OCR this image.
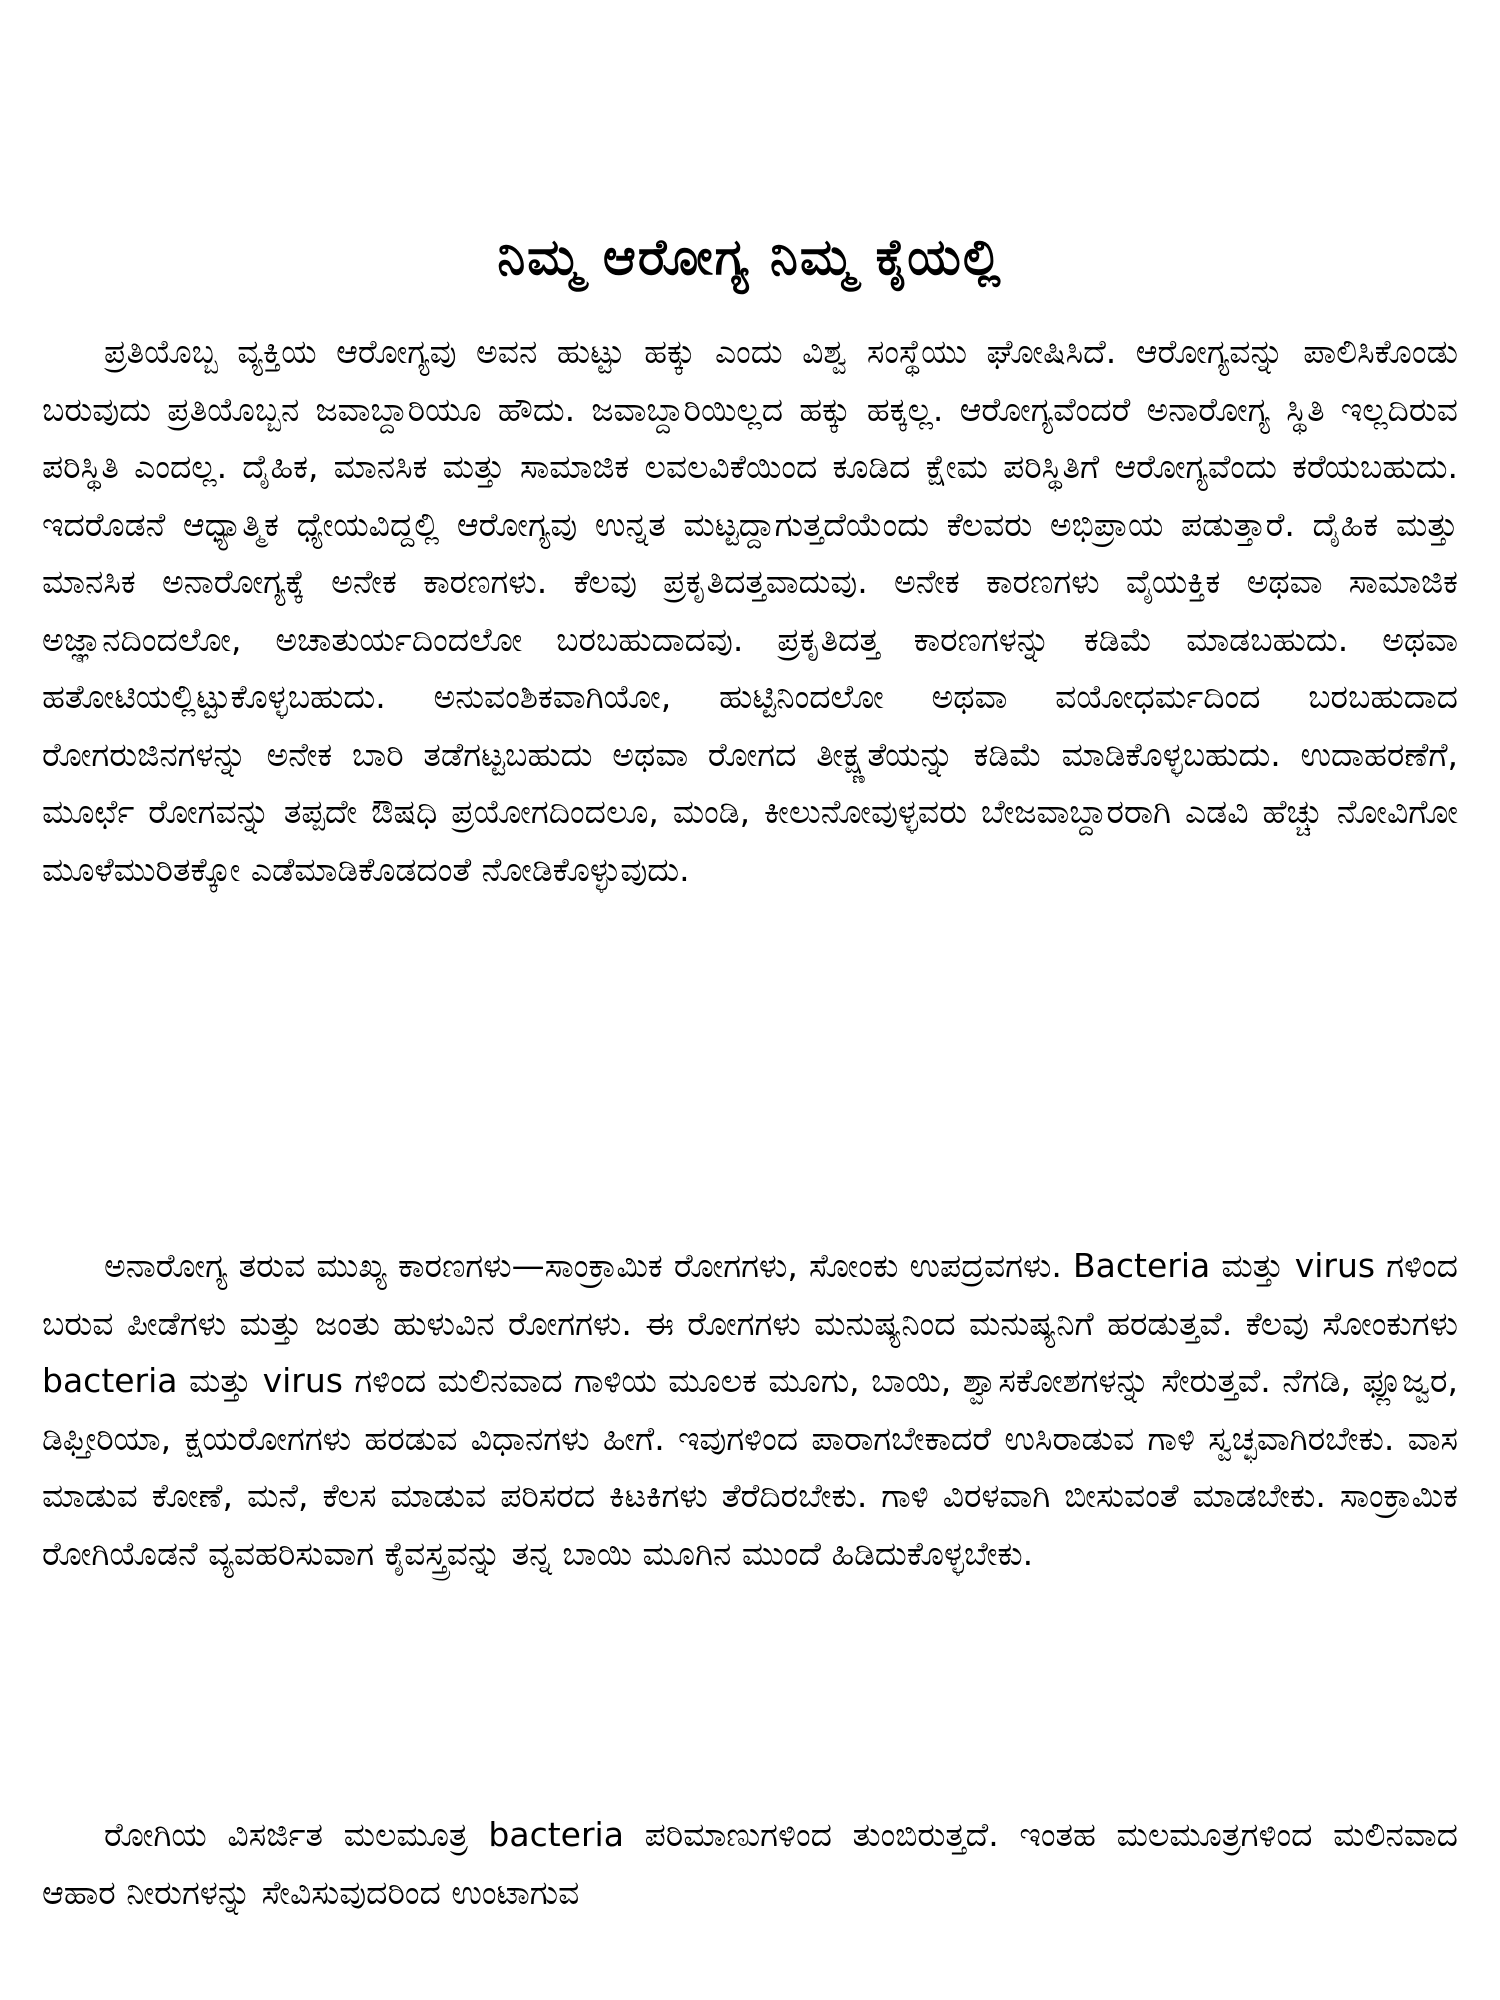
ನಿಮ್ಮ ಆರೋಗ್ಯ ನಿಮ್ಮ ಕೈಯಲ್ಲಿ

ಪ್ರತಿಯೊಬ್ಬ ವ್ಯಕ್ತಿಯ ಆರೋಗ್ಯವು ಅವನ ಹುಟ್ಟು ಹಕ್ಕು ಎಂದು ವಿಶ್ವ ಸಂಸ್ಥೆಯು ಘೋಷಿಸಿದೆ. ಆರೋಗ್ಯವನ್ನು ಪಾಲಿಸಿಕೊಂಡು ಬರುವುದು ಪ್ರತಿಯೊಬ್ಬನ ಜವಾಬ್ದಾರಿಯೂ ಹೌದು. ಜವಾಬ್ದಾರಿಯಿಲ್ಲದ ಹಕ್ಕು ಹಕ್ಕಲ್ಲ. ಆರೋಗ್ಯವೆಂದರೆ ಅನಾರೋಗ್ಯ ಸ್ಥಿತಿ ಇಲ್ಲದಿರುವ ಪರಿಸ್ಥಿತಿ ಎಂದಲ್ಲ. ದೈಹಿಕ, ಮಾನಸಿಕ ಮತ್ತು ಸಾಮಾಜಿಕ ಲವಲವಿಕೆಯಿಂದ ಕೂಡಿದ ಕ್ಷೇಮ ಪರಿಸ್ಥಿತಿಗೆ ಆರೋಗ್ಯವೆಂದು ಕರೆಯಬಹುದು. ಇದರೊಡನೆ ಆಧ್ಯಾತ್ಮಿಕ ಧ್ಯೇಯವಿದ್ದಲ್ಲಿ ಆರೋಗ್ಯವು ಉನ್ನತ ಮಟ್ಟದ್ದಾಗುತ್ತದೆಯೆಂದು ಕೆಲವರು ಅಭಿಪ್ರಾಯ ಪಡುತ್ತಾರೆ. ದೈಹಿಕ ಮತ್ತು ಮಾನಸಿಕ ಅನಾರೋಗ್ಯಕ್ಕೆ ಅನೇಕ ಕಾರಣಗಳು. ಕೆಲವು ಪ್ರಕೃತಿದತ್ತವಾದುವು. ಅನೇಕ ಕಾರಣಗಳು ವೈಯಕ್ತಿಕ ಅಥವಾ ಸಾಮಾಜಿಕ ಅಜ್ಞಾನದಿಂದಲೋ, ಅಚಾತುರ್ಯದಿಂದಲೋ ಬರಬಹುದಾದವು. ಪ್ರಕೃತಿದತ್ತ ಕಾರಣಗಳನ್ನು ಕಡಿಮೆ ಮಾಡಬಹುದು. ಅಥವಾ ಹತೋಟಿಯಲ್ಲಿಟ್ಟುಕೊಳ್ಳಬಹುದು. ಅನುವಂಶಿಕವಾಗಿಯೋ, ಹುಟ್ಟಿನಿಂದಲೋ ಅಥವಾ ವಯೋಧರ್ಮದಿಂದ ಬರಬಹುದಾದ ರೋಗರುಜಿನಗಳನ್ನು ಅನೇಕ ಬಾರಿ ತಡೆಗಟ್ಟಬಹುದು ಅಥವಾ ರೋಗದ ತೀಕ್ಷ್ಣತೆಯನ್ನು ಕಡಿಮೆ ಮಾಡಿಕೊಳ್ಳಬಹುದು. ಉದಾಹರಣೆಗೆ, ಮೂರ್ಛೆ ರೋಗವನ್ನು ತಪ್ಪದೇ ಔಷಧಿ ಪ್ರಯೋಗದಿಂದಲೂ, ಮಂಡಿ, ಕೀಲುನೋವುಳ್ಳವರು ಬೇಜವಾಬ್ದಾರರಾಗಿ ಎಡವಿ ಹೆಚ್ಚು ನೋವಿಗೋ ಮೂಳೆಮುರಿತಕ್ಕೋ ಎಡೆಮಾಡಿಕೊಡದಂತೆ ನೋಡಿಕೊಳ್ಳುವುದು.

ಅನಾರೋಗ್ಯ ತರುವ ಮುಖ್ಯ ಕಾರಣಗಳು—ಸಾಂಕ್ರಾಮಿಕ ರೋಗಗಳು, ಸೋಂಕು ಉಪದ್ರವಗಳು. Bacteria ಮತ್ತು virus ಗಳಿಂದ ಬರುವ ಪೀಡೆಗಳು ಮತ್ತು ಜಂತು ಹುಳುವಿನ ರೋಗಗಳು. ಈ ರೋಗಗಳು ಮನುಷ್ಯನಿಂದ ಮನುಷ್ಯನಿಗೆ ಹರಡುತ್ತವೆ. ಕೆಲವು ಸೋಂಕುಗಳು bacteria ಮತ್ತು virus ಗಳಿಂದ ಮಲಿನವಾದ ಗಾಳಿಯ ಮೂಲಕ ಮೂಗು, ಬಾಯಿ, ಶ್ವಾಸಕೋಶಗಳನ್ನು ಸೇರುತ್ತವೆ. ನೆಗಡಿ, ಫ್ಲೂಜ್ವರ, ಡಿಫ್ತೀರಿಯಾ, ಕ್ಷಯರೋಗಗಳು ಹರಡುವ ವಿಧಾನಗಳು ಹೀಗೆ. ಇವುಗಳಿಂದ ಪಾರಾಗಬೇಕಾದರೆ ಉಸಿರಾಡುವ ಗಾಳಿ ಸ್ವಚ್ಛವಾಗಿರಬೇಕು. ವಾಸ ಮಾಡುವ ಕೋಣೆ, ಮನೆ, ಕೆಲಸ ಮಾಡುವ ಪರಿಸರದ ಕಿಟಕಿಗಳು ತೆರೆದಿರಬೇಕು. ಗಾಳಿ ವಿರಳವಾಗಿ ಬೀಸುವಂತೆ ಮಾಡಬೇಕು. ಸಾಂಕ್ರಾಮಿಕ ರೋಗಿಯೊಡನೆ ವ್ಯವಹರಿಸುವಾಗ ಕೈವಸ್ತ್ರವನ್ನು ತನ್ನ ಬಾಯಿ ಮೂಗಿನ ಮುಂದೆ ಹಿಡಿದುಕೊಳ್ಳಬೇಕು.

ರೋಗಿಯ ವಿಸರ್ಜಿತ ಮಲಮೂತ್ರ bacteria ಪರಿಮಾಣುಗಳಿಂದ ತುಂಬಿರುತ್ತದೆ. ಇಂತಹ ಮಲಮೂತ್ರಗಳಿಂದ ಮಲಿನವಾದ ಆಹಾರ ನೀರುಗಳನ್ನು ಸೇವಿಸುವುದರಿಂದ ಉಂಟಾಗುವ
